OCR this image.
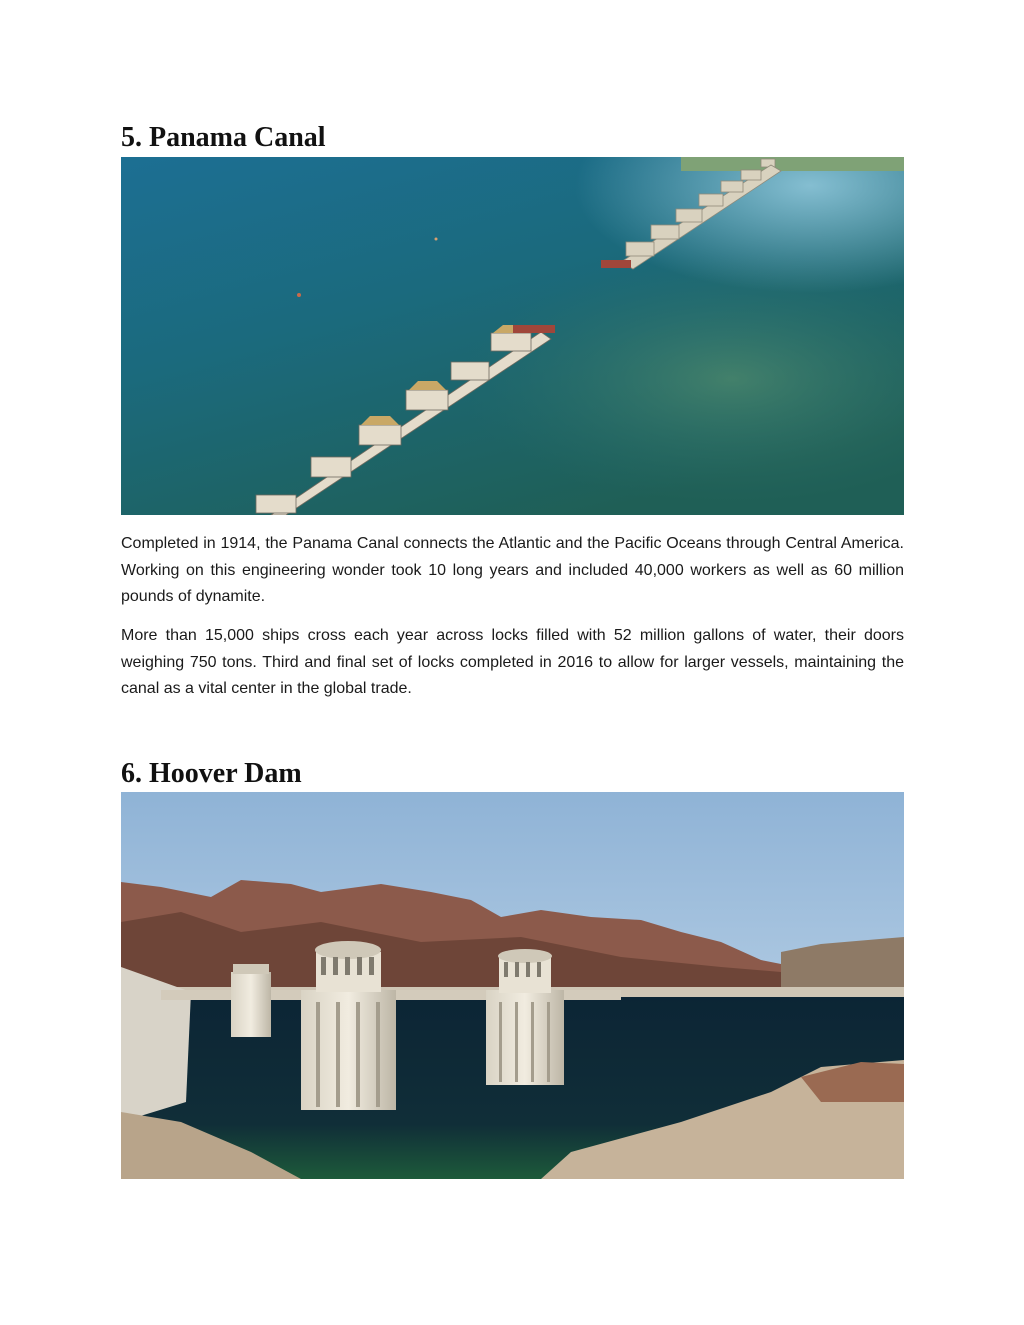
5. Panama Canal

Completed in 1914, the Panama Canal connects the Atlantic and the Pacific Oceans through Central America. Working on this engineering wonder took 10 long years and included 40,000 workers as well as 60 million pounds of dynamite.

More than 15,000 ships cross each year across locks filled with 52 million gallons of water, their doors weighing 750 tons. Third and final set of locks completed in 2016 to allow for larger vessels, maintaining the canal as a vital center in the global trade.

6. Hoover Dam
